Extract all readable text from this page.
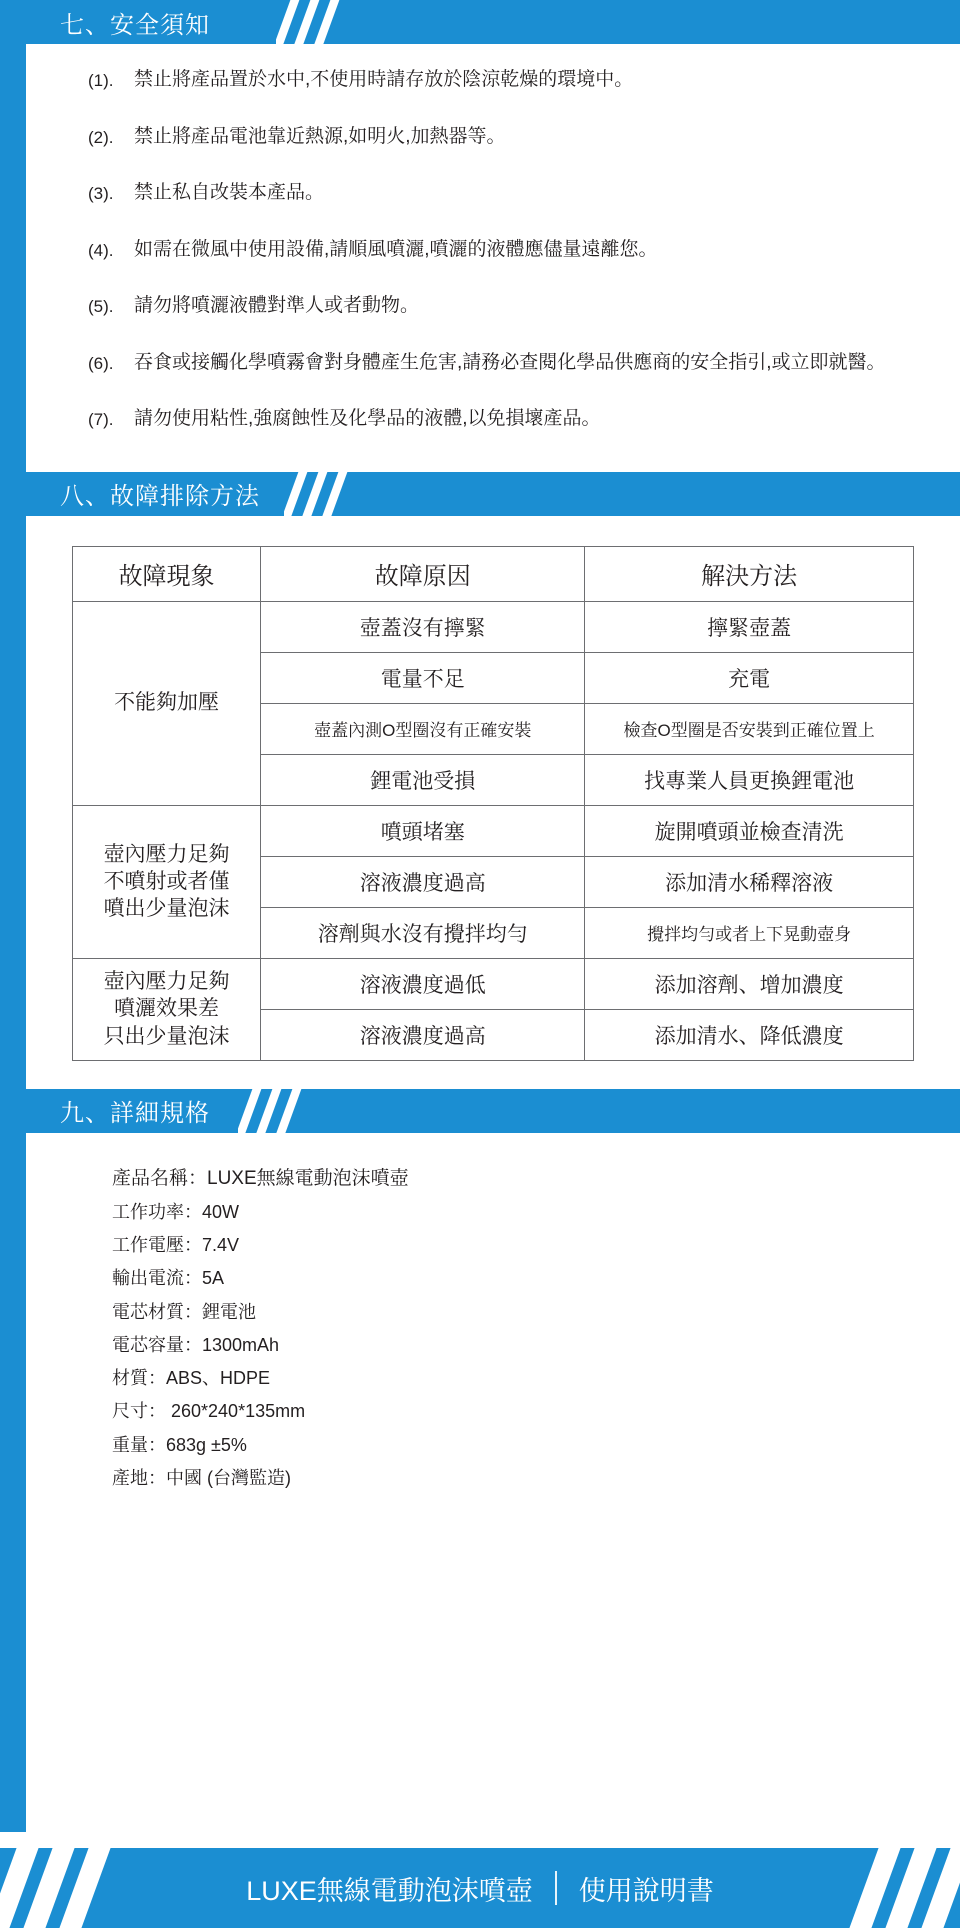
七、安全須知
(1).	禁止將產品置於水中,不使用時請存放於陰涼乾燥的環境中。
(2).	禁止將產品電池靠近熱源,如明火,加熱器等。
(3).	禁止私自改裝本產品。
(4).	如需在微風中使用設備,請順風噴灑,噴灑的液體應儘量遠離您。
(5).	請勿將噴灑液體對準人或者動物。
(6).	吞食或接觸化學噴霧會對身體產生危害,請務必查閱化學品供應商的安全指引,或立即就醫。
(7).	請勿使用粘性,強腐蝕性及化學品的液體,以免損壞產品。
八、故障排除方法
故障現象	故障原因	解決方法
不能夠加壓	壺蓋沒有擰緊	擰緊壺蓋
	電量不足	充電
	壺蓋內測O型圈沒有正確安裝	檢查O型圈是否安裝到正確位置上
	鋰電池受損	找專業人員更換鋰電池
壺內壓力足夠
不噴射或者僅
噴出少量泡沫	噴頭堵塞	旋開噴頭並檢查清洗
	溶液濃度過高	添加清水稀釋溶液
	溶劑與水沒有攪拌均勻	攪拌均勻或者上下晃動壺身
壺內壓力足夠
噴灑效果差
只出少量泡沫	溶液濃度過低	添加溶劑、增加濃度
	溶液濃度過高	添加清水、降低濃度
九、詳細規格
產品名稱：LUXE無線電動泡沫噴壺
工作功率：40W
工作電壓：7.4V
輸出電流：5A
電芯材質：鋰電池
電芯容量：1300mAh
材質：ABS、HDPE
尺寸： 260*240*135mm
重量：683g ±5%
產地：中國 (台灣監造)
LUXE無線電動泡沫噴壺 使用說明書
